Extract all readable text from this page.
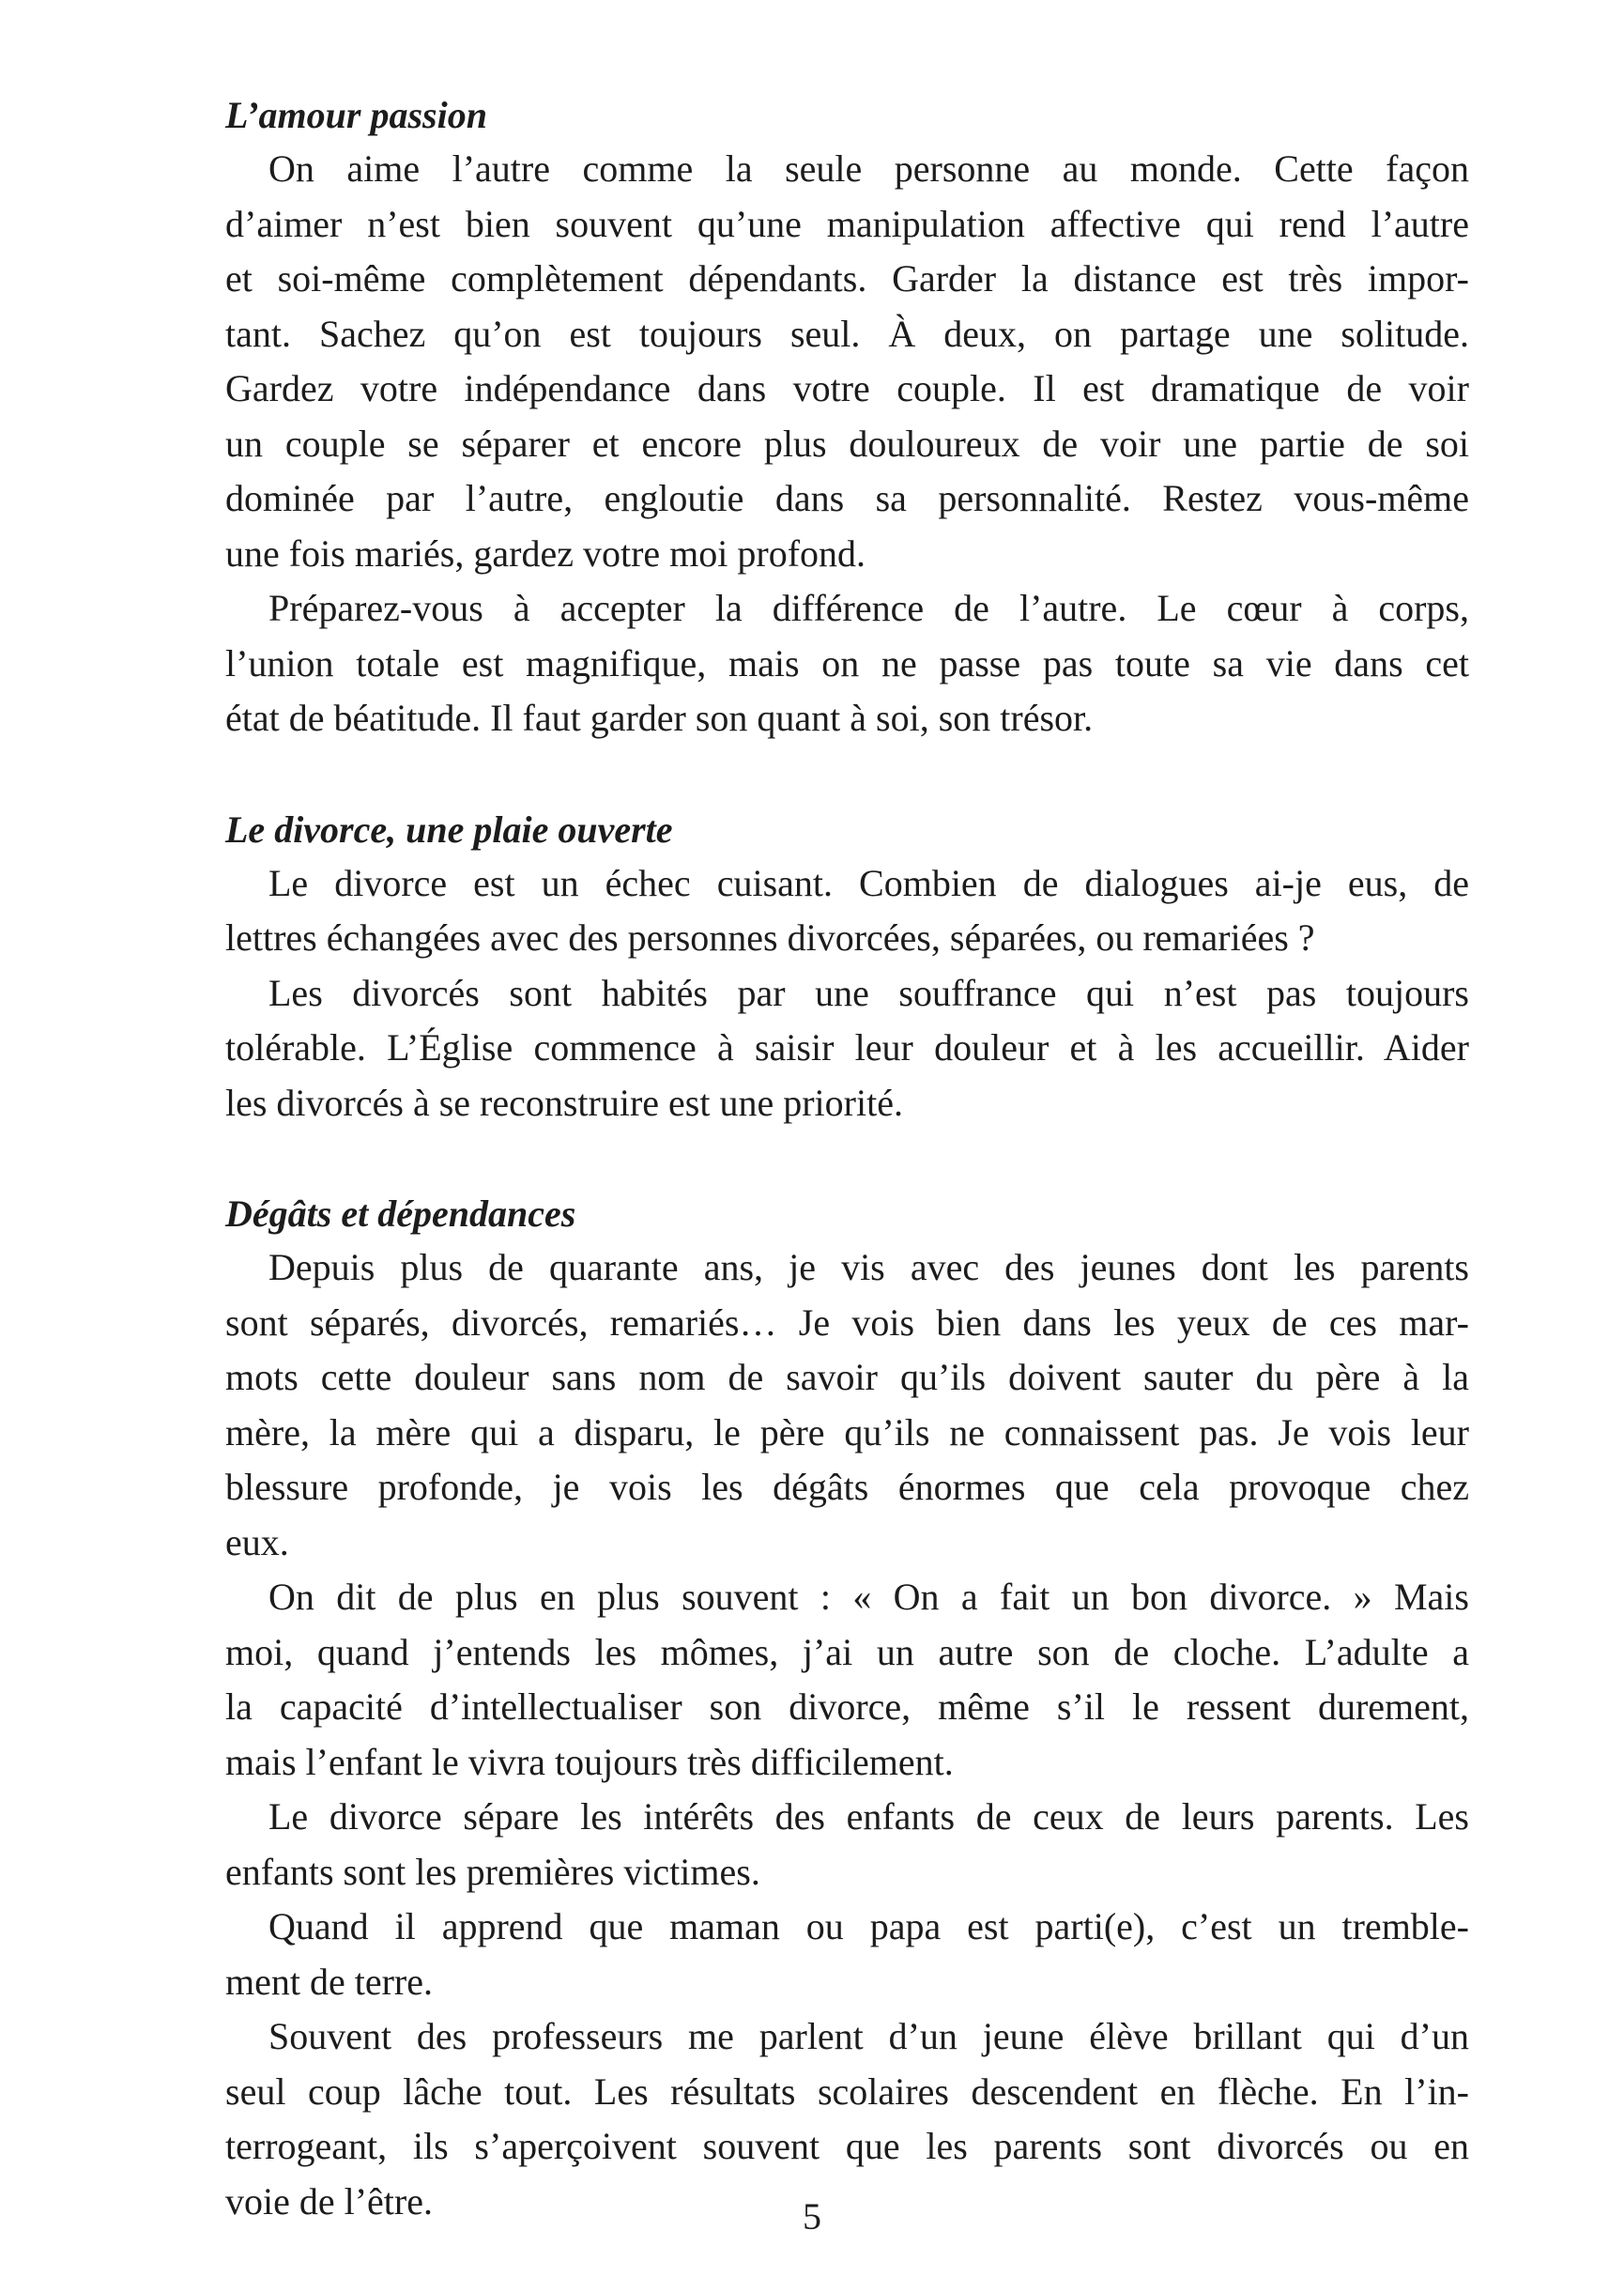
L’amour passion

On aime l’autre comme la seule personne au monde. Cette façon
d’aimer n’est bien souvent qu’une manipulation affective qui rend l’autre
et soi-même complètement dépendants. Garder la distance est très impor-
tant. Sachez qu’on est toujours seul. À deux, on partage une solitude.
Gardez votre indépendance dans votre couple. Il est dramatique de voir
un couple se séparer et encore plus douloureux de voir une partie de soi
dominée par l’autre, engloutie dans sa personnalité. Restez vous-même
une fois mariés, gardez votre moi profond.

Préparez-vous à accepter la différence de l’autre. Le cœur à corps,
l’union totale est magnifique, mais on ne passe pas toute sa vie dans cet
état de béatitude. Il faut garder son quant à soi, son trésor.

Le divorce, une plaie ouverte

Le divorce est un échec cuisant. Combien de dialogues ai-je eus, de
lettres échangées avec des personnes divorcées, séparées, ou remariées ?

Les divorcés sont habités par une souffrance qui n’est pas toujours
tolérable. L’Église commence à saisir leur douleur et à les accueillir. Aider
les divorcés à se reconstruire est une priorité.

Dégâts et dépendances

Depuis plus de quarante ans, je vis avec des jeunes dont les parents
sont séparés, divorcés, remariés… Je vois bien dans les yeux de ces mar-
mots cette douleur sans nom de savoir qu’ils doivent sauter du père à la
mère, la mère qui a disparu, le père qu’ils ne connaissent pas. Je vois leur
blessure profonde, je vois les dégâts énormes que cela provoque chez
eux.

On dit de plus en plus souvent : « On a fait un bon divorce. » Mais
moi, quand j’entends les mômes, j’ai un autre son de cloche. L’adulte a
la capacité d’intellectualiser son divorce, même s’il le ressent durement,
mais l’enfant le vivra toujours très difficilement.

Le divorce sépare les intérêts des enfants de ceux de leurs parents. Les
enfants sont les premières victimes.

Quand il apprend que maman ou papa est parti(e), c’est un tremble-
ment de terre.

Souvent des professeurs me parlent d’un jeune élève brillant qui d’un
seul coup lâche tout. Les résultats scolaires descendent en flèche. En l’in-
terrogeant, ils s’aperçoivent souvent que les parents sont divorcés ou en
voie de l’être.	5
